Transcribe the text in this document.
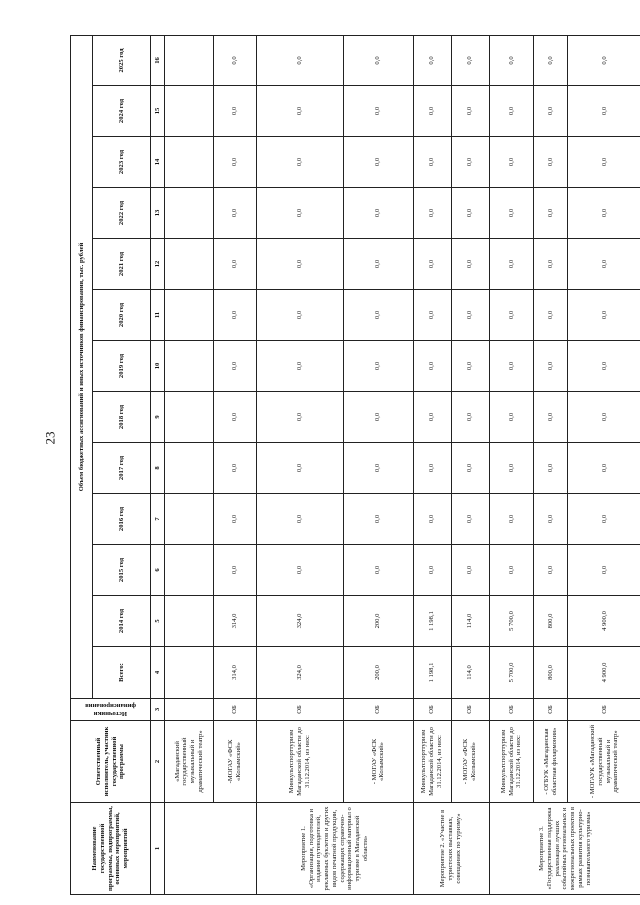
23
Наименование государственной программы, подпрограммы, основных мероприятий, мероприятий	Ответственный исполнитель, участник государственной программы	Источники финансирования	Объем бюджетных ассигнований и иных источников финансирования, тыс. рублей												
			Всего:	2014 год	2015 год	2016 год	2017 год	2018 год	2019 год	2020 год	2021 год	2022 год	2023 год	2024 год	2025 год
1	2	3	4	5	6	7	8	9	10	11	12	13	14	15	16
	«Магаданский государственный музыкальный и драматический театр»														
	-МОГАУ «ФСК «Колымский»	ОБ	314,0	314,0	0,0	0,0	0,0	0,0	0,0	0,0	0,0	0,0	0,0	0,0	0,0
Мероприятие 1. «Организация, подготовка и издание путеводителей, рекламных буклетов и других видов печатной продукции, содержащих справочно-информационный материал о туризме в Магаданской области»	Минкультспорттуризм Магаданской области до 31.12.2014, из них:	ОБ	324,0	324,0	0,0	0,0	0,0	0,0	0,0	0,0	0,0	0,0	0,0	0,0	0,0
	- МОГАУ «ФСК «Колымский»	ОБ	200,0	200,0	0,0	0,0	0,0	0,0	0,0	0,0	0,0	0,0	0,0	0,0	0,0
Мероприятие 2. «Участие в туристских выставках, совещаниях по туризму»	Минкультспорттуризм Магаданской области до 31.12.2014, из них:	ОБ	1 198,1	1 198,1	0,0	0,0	0,0	0,0	0,0	0,0	0,0	0,0	0,0	0,0	0,0
	- МОГАУ «ФСК «Колымский»	ОБ	114,0	114,0	0,0	0,0	0,0	0,0	0,0	0,0	0,0	0,0	0,0	0,0	0,0
Мероприятие 3. «Государственная поддержка реализации лучших событийных региональных и межрегиональных проектов в рамках развития культурно-познавательного туризма»	Минкультспорттуризм Магаданской области до 31.12.2014, из них:	ОБ	5 700,0	5 700,0	0,0	0,0	0,0	0,0	0,0	0,0	0,0	0,0	0,0	0,0	0,0
	- ОГБУК «Магаданская областная филармония»	ОБ	800,0	800,0	0,0	0,0	0,0	0,0	0,0	0,0	0,0	0,0	0,0	0,0	0,0
	- МОГАУК «Магаданский государственный музыкальный и драматический театр»	ОБ	4 900,0	4 900,0	0,0	0,0	0,0	0,0	0,0	0,0	0,0	0,0	0,0	0,0	0,0
